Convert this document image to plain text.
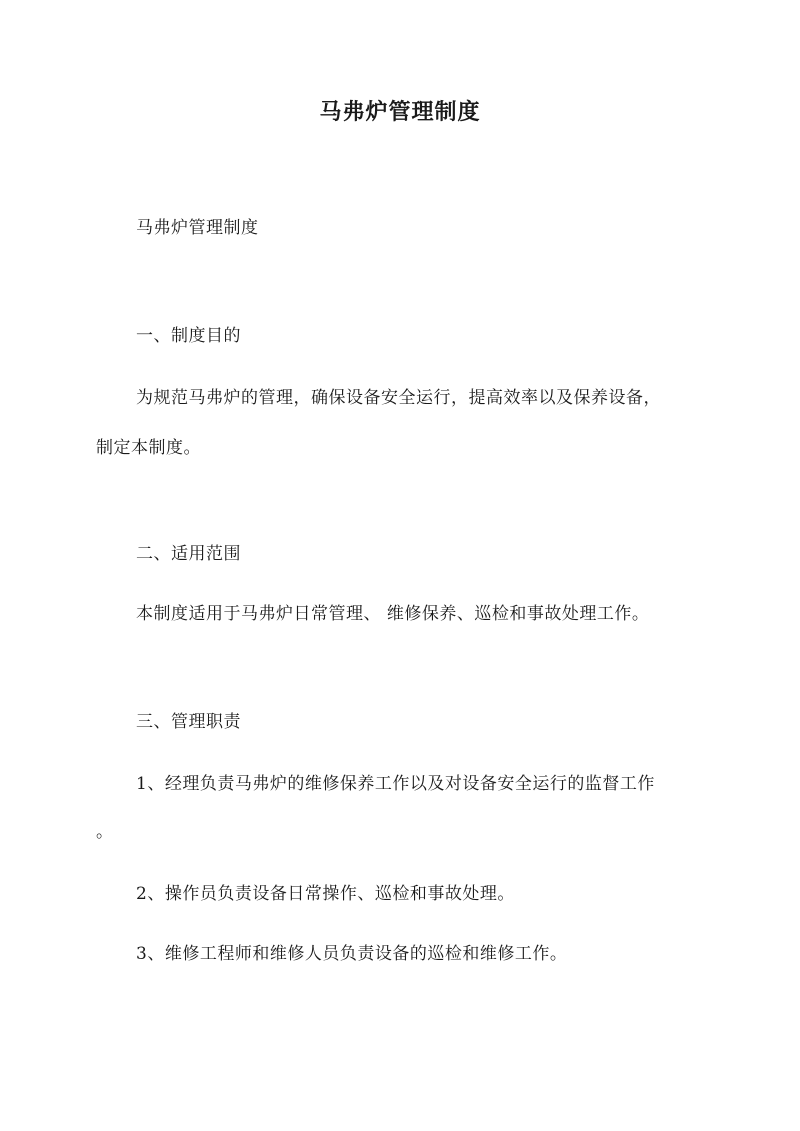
马弗炉管理制度
马弗炉管理制度
一、制度目的
为规范马弗炉的管理，确保设备安全运行，提高效率以及保养设备，
制定本制度。
二、适用范围
本制度适用于马弗炉日常管理、 维修保养、巡检和事故处理工作。
三、管理职责
1、经理负责马弗炉的维修保养工作以及对设备安全运行的监督工作
。
2、操作员负责设备日常操作、巡检和事故处理。
3、维修工程师和维修人员负责设备的巡检和维修工作。
